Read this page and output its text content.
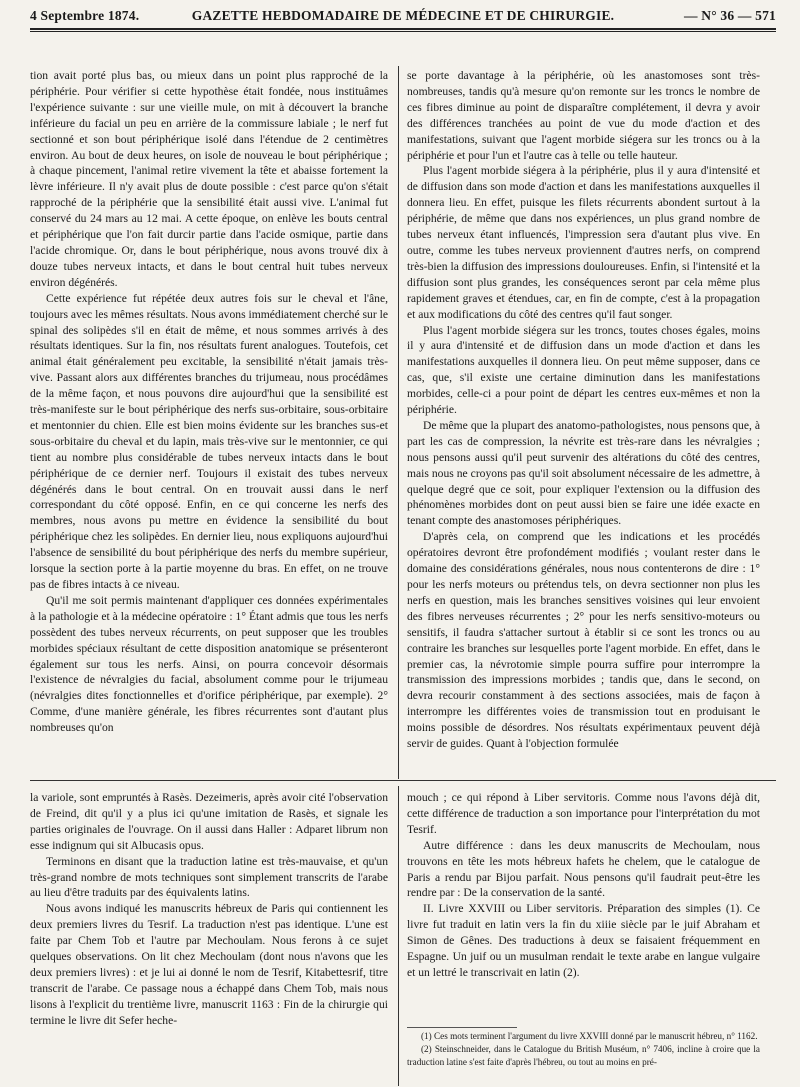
4 Septembre 1874.	GAZETTE HEBDOMADAIRE DE MÉDECINE ET DE CHIRURGIE.	— N° 36 — 571

tion avait porté plus bas, ou mieux dans un point plus rapproché de la périphérie. Pour vérifier si cette hypothèse était fondée, nous instituâmes l'expérience suivante : sur une vieille mule, on mit à découvert la branche inférieure du facial un peu en arrière de la commissure labiale ; le nerf fut sectionné et son bout périphérique isolé dans l'étendue de 2 centimètres environ. Au bout de deux heures, on isole de nouveau le bout périphérique ; à chaque pincement, l'animal retire vivement la tête et abaisse fortement la lèvre inférieure. Il n'y avait plus de doute possible : c'est parce qu'on s'était rapproché de la périphérie que la sensibilité était aussi vive. L'animal fut conservé du 24 mars au 12 mai. A cette époque, on enlève les bouts central et périphérique que l'on fait durcir partie dans l'acide osmique, partie dans l'acide chromique. Or, dans le bout périphérique, nous avons trouvé dix à douze tubes nerveux intacts, et dans le bout central huit tubes nerveux environ dégénérés.

Cette expérience fut répétée deux autres fois sur le cheval et l'âne, toujours avec les mêmes résultats. Nous avons immédiatement cherché sur le spinal des solipèdes s'il en était de même, et nous sommes arrivés à des résultats identiques. Sur la fin, nos résultats furent analogues. Toutefois, cet animal était généralement peu excitable, la sensibilité n'était jamais très-vive. Passant alors aux différentes branches du trijumeau, nous procédâmes de la même façon, et nous pouvons dire aujourd'hui que la sensibilité est très-manifeste sur le bout périphérique des nerfs sus-orbitaire, sous-orbitaire et mentonnier du chien. Elle est bien moins évidente sur les branches sus-et sous-orbitaire du cheval et du lapin, mais très-vive sur le mentonnier, ce qui tient au nombre plus considérable de tubes nerveux intacts dans le bout périphérique de ce dernier nerf. Toujours il existait des tubes nerveux dégénérés dans le bout central. On en trouvait aussi dans le nerf correspondant du côté opposé. Enfin, en ce qui concerne les nerfs des membres, nous avons pu mettre en évidence la sensibilité du bout périphérique chez les solipèdes. En dernier lieu, nous expliquons aujourd'hui l'absence de sensibilité du bout périphérique des nerfs du membre supérieur, lorsque la section porte à la partie moyenne du bras. En effet, on ne trouve pas de fibres intacts à ce niveau.

Qu'il me soit permis maintenant d'appliquer ces données expérimentales à la pathologie et à la médecine opératoire : 1° Étant admis que tous les nerfs possèdent des tubes nerveux récurrents, on peut supposer que les troubles morbides spéciaux résultant de cette disposition anatomique se présenteront également sur tous les nerfs. Ainsi, on pourra concevoir désormais l'existence de névralgies du facial, absolument comme pour le trijumeau (névralgies dites fonctionnelles et d'orifice périphérique, par exemple). 2° Comme, d'une manière générale, les fibres récurrentes sont d'autant plus nombreuses qu'on

se porte davantage à la périphérie, où les anastomoses sont très-nombreuses, tandis qu'à mesure qu'on remonte sur les troncs le nombre de ces fibres diminue au point de disparaître complétement, il devra y avoir des différences tranchées au point de vue du mode d'action et des manifestations, suivant que l'agent morbide siégera sur les troncs ou à la périphérie et pour l'un et l'autre cas à telle ou telle hauteur.

Plus l'agent morbide siégera à la périphérie, plus il y aura d'intensité et de diffusion dans son mode d'action et dans les manifestations auxquelles il donnera lieu. En effet, puisque les filets récurrents abondent surtout à la périphérie, de même que dans nos expériences, un plus grand nombre de tubes nerveux étant influencés, l'impression sera d'autant plus vive. En outre, comme les tubes nerveux proviennent d'autres nerfs, on comprend très-bien la diffusion des impressions douloureuses. Enfin, si l'intensité et la diffusion sont plus grandes, les conséquences seront par cela même plus rapidement graves et étendues, car, en fin de compte, c'est à la propagation et aux modifications du côté des centres qu'il faut songer.

Plus l'agent morbide siégera sur les troncs, toutes choses égales, moins il y aura d'intensité et de diffusion dans un mode d'action et dans les manifestations auxquelles il donnera lieu. On peut même supposer, dans ce cas, que, s'il existe une certaine diminution dans les manifestations morbides, celle-ci a pour point de départ les centres eux-mêmes et non la périphérie.

De même que la plupart des anatomo-pathologistes, nous pensons que, à part les cas de compression, la névrite est très-rare dans les névralgies ; nous pensons aussi qu'il peut survenir des altérations du côté des centres, mais nous ne croyons pas qu'il soit absolument nécessaire de les admettre, à quelque degré que ce soit, pour expliquer l'extension ou la diffusion des phénomènes morbides dont on peut aussi bien se faire une idée exacte en tenant compte des anastomoses périphériques.

D'après cela, on comprend que les indications et les procédés opératoires devront être profondément modifiés ; voulant rester dans le domaine des considérations générales, nous nous contenterons de dire : 1° pour les nerfs moteurs ou prétendus tels, on devra sectionner non plus les nerfs en question, mais les branches sensitives voisines qui leur envoient des fibres nerveuses récurrentes ; 2° pour les nerfs sensitivo-moteurs ou sensitifs, il faudra s'attacher surtout à établir si ce sont les troncs ou au contraire les branches sur lesquelles porte l'agent morbide. En effet, dans le premier cas, la névrotomie simple pourra suffire pour interrompre la transmission des impressions morbides ; tandis que, dans le second, on devra recourir constamment à des sections associées, mais de façon à interrompre les différentes voies de transmission tout en produisant le moins possible de désordres. Nos résultats expérimentaux peuvent déjà servir de guides. Quant à l'objection formulée

la variole, sont empruntés à Rasès. Dezeimeris, après avoir cité l'observation de Freind, dit qu'il y a plus ici qu'une imitation de Rasès, et signale les parties originales de l'ouvrage. On il aussi dans Haller : Adparet librum non esse indignum qui sit Albucasis opus.

Terminons en disant que la traduction latine est très-mauvaise, et qu'un très-grand nombre de mots techniques sont simplement transcrits de l'arabe au lieu d'être traduits par des équivalents latins.

Nous avons indiqué les manuscrits hébreux de Paris qui contiennent les deux premiers livres du Tesrif. La traduction n'est pas identique. L'une est faite par Chem Tob et l'autre par Mechoulam. Nous ferons à ce sujet quelques observations. On lit chez Mechoulam (dont nous n'avons que les deux premiers livres) : et je lui ai donné le nom de Tesrif, Kitabettesrif, titre transcrit de l'arabe. Ce passage nous a échappé dans Chem Tob, mais nous lisons à l'explicit du trentième livre, manuscrit 1163 : Fin de la chirurgie qui termine le livre dit Sefer heche-

mouch ; ce qui répond à Liber servitoris. Comme nous l'avons déjà dit, cette différence de traduction a son importance pour l'interprétation du mot Tesrif.

Autre différence : dans les deux manuscrits de Mechoulam, nous trouvons en tête les mots hébreux hafets he chelem, que le catalogue de Paris a rendu par Bijou parfait. Nous pensons qu'il faudrait peut-être les rendre par : De la conservation de la santé.

II. Livre XXVIII ou Liber servitoris. Préparation des simples (1). Ce livre fut traduit en latin vers la fin du xiiie siècle par le juif Abraham et Simon de Gênes. Des traductions à deux se faisaient fréquemment en Espagne. Un juif ou un musulman rendait le texte arabe en langue vulgaire et un lettré le transcrivait en latin (2).

(1) Ces mots terminent l'argument du livre XXVIII donné par le manuscrit hébreu, n° 1162.

(2) Steinschneider, dans le Catalogue du British Muséum, n° 7406, incline à croire que la traduction latine s'est faite d'après l'hébreu, ou tout au moins en pré-
